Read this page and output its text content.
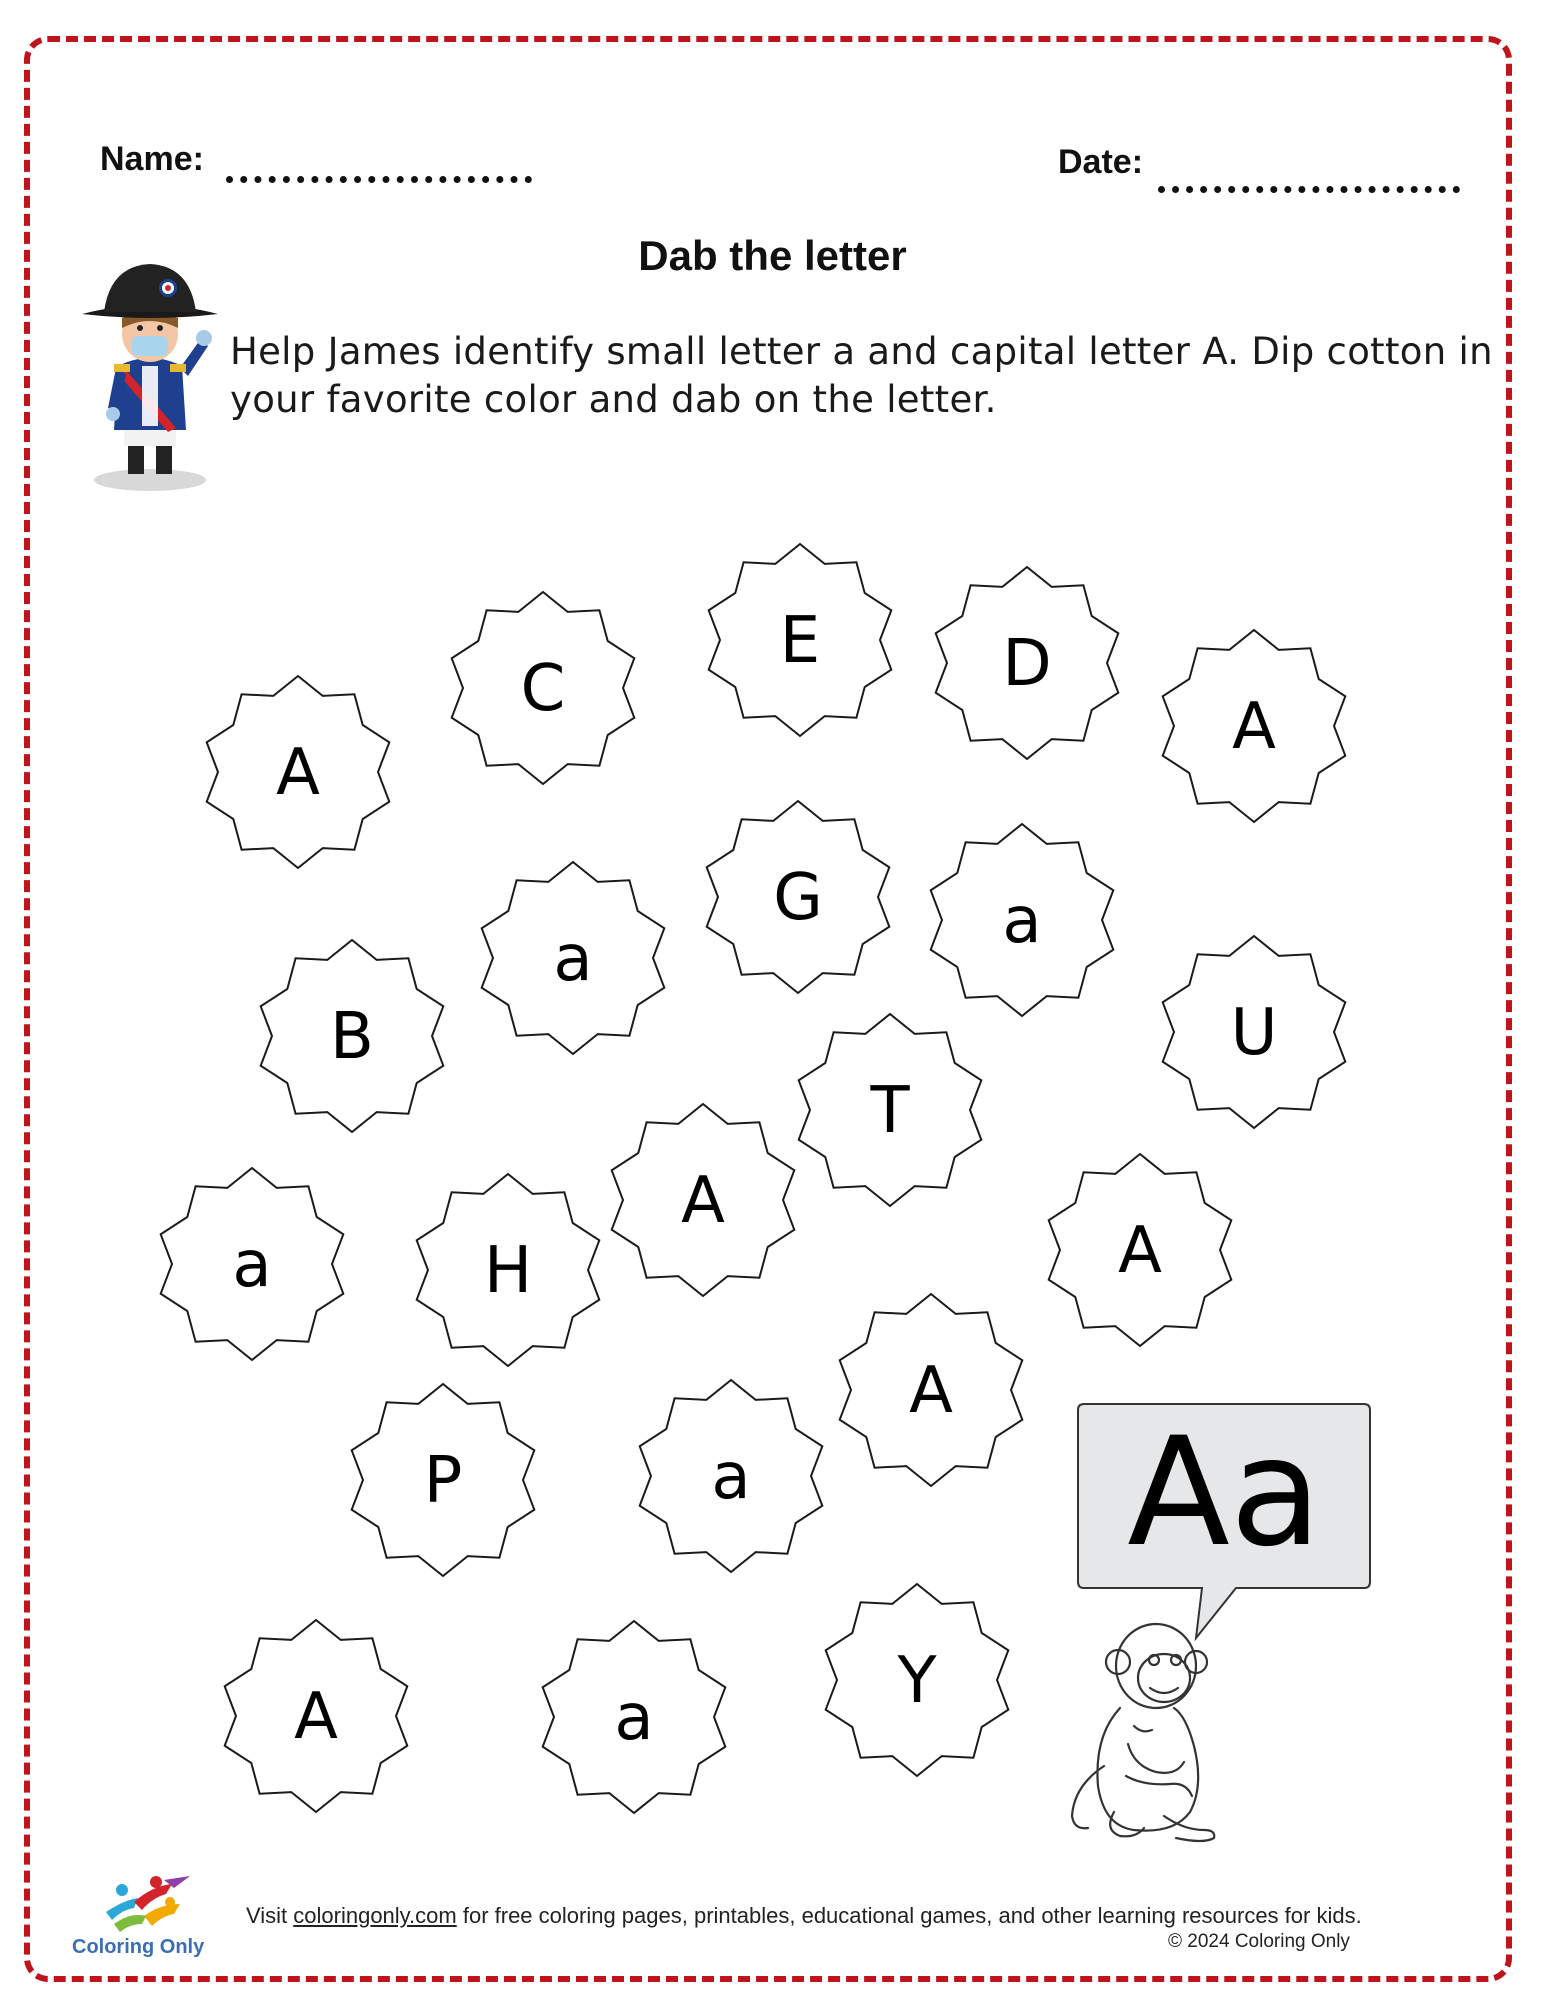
Name:	Date:
Dab the letter
Help James identify small letter a and capital letter A. Dip cotton in your favorite color and dab on the letter.
E
C	D
A
A
G	a
a
B	U
T
A
a	H	A
A
P	a
A	a	Y
Aa
Coloring Only
Visit coloringonly.com for free coloring pages, printables, educational games, and other learning resources for kids.
© 2024 Coloring Only
